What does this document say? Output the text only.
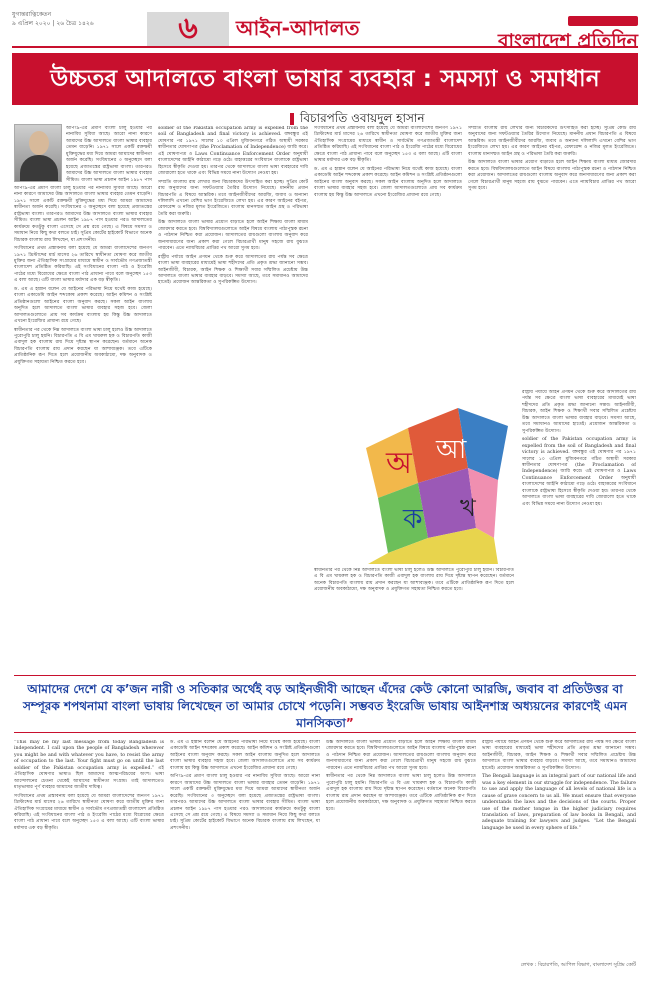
যুগান্তরাত্নিকেতন
৯ এপ্রিল ২০২০ | ২৬ চৈত্র ১৪২৬	৬	আইন-আদালত
বাংলাদেশ প্রতিদিন
উচ্চতর আদালতে বাংলা ভাষার ব্যবহার : সমস্যা ও সমাধান
বিচারপতি ওবায়দুল হাসান

অপিং৯-এর প্রমাণ বাংলা চালু হওয়ার পর নানাবিধ সুবিধা আছে। আরো নানা কারণে আমাদের উচ্চ আদালতে বাংলা ভাষার ব্যবহার তেমন বাড়েনি। ১৯৭১ সালে একটি রক্তক্ষয়ী মুক্তিযুদ্ধের মধ্য দিয়ে আমরা আমাদের স্বাধীনতা অর্জন করেছি। সংবিধানের ৩ অনুচ্ছেদে বলা হয়েছে প্রজাতন্ত্রের রাষ্ট্রভাষা বাংলা। তারপরও আমাদের উচ্চ আদালতে বাংলা ভাষার ব্যবহার সীমিত। বাংলা ভাষা প্রচলন আইন ১৯৮৭ পাস

অপিং৯-এর প্রমাণ বাংলা চালু হওয়ার পর নানাবিধ সুবিধা আছে। আরো নানা কারণে আমাদের উচ্চ আদালতে বাংলা ভাষার ব্যবহার তেমন বাড়েনি। ১৯৭১ সালে একটি রক্তক্ষয়ী মুক্তিযুদ্ধের মধ্য দিয়ে আমরা আমাদের স্বাধীনতা অর্জন করেছি। সংবিধানের ৩ অনুচ্ছেদে বলা হয়েছে প্রজাতন্ত্রের রাষ্ট্রভাষা বাংলা। তারপরও আমাদের উচ্চ আদালতে বাংলা ভাষার ব্যবহার সীমিত। বাংলা ভাষা প্রচলন আইন ১৯৮৭ পাস হওয়ার পরও আদালতের কার্যক্রমে কতটুকু বাংলা এসেছে সে প্রশ্ন রয়ে গেছে। এ বিষয়ে সমস্যা ও সমাধান নিয়ে কিছু কথা বলতে চাই। সুপ্রিম কোর্টের হাইকোর্ট বিভাগে অনেক বিচারক বাংলায় রায় লিখছেন, যা প্রশংসনীয়।

সংবিধানের প্রথম প্রস্তাবনায় বলা হয়েছে যে আমরা বাংলাদেশের জনগণ ১৯৭১ খ্রিস্টাব্দের মার্চ মাসের ২৬ তারিখে স্বাধীনতা ঘোষণা করে জাতীয় মুক্তির জন্য ঐতিহাসিক সংগ্রামের মাধ্যমে স্বাধীন ও সার্বভৌম গণপ্রজাতন্ত্রী বাংলাদেশ প্রতিষ্ঠিত করিয়াছি। এই সংবিধানের বাংলা পাঠ ও ইংরেজি পাঠের মধ্যে বিরোধের ক্ষেত্রে বাংলা পাঠ প্রাধান্য পাবে বলে অনুচ্ছেদ ১৫৩ এ বলা আছে। এটি বাংলা ভাষার মর্যাদার এক বড় স্বীকৃতি।

ড. এম এ হান্নান বলেন যে আইনের পরিভাষা নিয়ে যথেষ্ট কাজ হয়েছে। বাংলা একাডেমি আইন শব্দকোষ প্রকাশ করেছে। আইন কমিশন ও সংশ্লিষ্ট প্রতিষ্ঠানগুলো আইনের বাংলা অনুবাদ করছে। সকল আইন বাংলায় অনূদিত হলে আদালতে বাংলা ভাষার ব্যবহার সহজ হবে। জেলা আদালতগুলোতে প্রায় সব কার্যক্রম বাংলায় হয় কিন্তু উচ্চ আদালতে এখনো ইংরেজির প্রাধান্য রয়ে গেছে।

স্বাধীনতার পর থেকে নিম্ন আদালতে বাংলা ভাষা চালু হলেও উচ্চ আদালতে পুরোপুরি চালু হয়নি। বিচারপতি এ বি এম খায়রুল হক ও বিচারপতি কাজী এবাদুল হক বাংলায় রায় দিয়ে দৃষ্টান্ত স্থাপন করেছেন। বর্তমানে অনেক বিচারপতি বাংলায় রায় প্রদান করছেন যা আশাব্যঞ্জক। তবে এটিকে প্রাতিষ্ঠানিক রূপ দিতে হলে প্রয়োজনীয় অবকাঠামো, দক্ষ অনুবাদক ও প্রযুক্তিগত সহায়তা নিশ্চিত করতে হবে।

soldier of the Pakistan occupation army is expelled from the soil of Bangladesh and final victory is achieved. বঙ্গবন্ধুর এই ঘোষণার পর ১৯৭১ সালের ১০ এপ্রিল মুজিবনগরে গঠিত অস্থায়ী সরকার স্বাধীনতার ঘোষণাপত্র (the Proclamation of Independence) জারি করে। এই ঘোষণাপত্র ও Laws Continuance Enforcement Order অনুযায়ী বাংলাদেশের আইনি কাঠামো গড়ে ওঠে। বাহাত্তরের সংবিধানে বাংলাকে রাষ্ট্রভাষা হিসেবে স্বীকৃতি দেওয়া হয়। তারপর থেকে আদালতে বাংলা ভাষা ব্যবহারের দাবি জোরালো হতে থাকে এবং বিভিন্ন সময়ে নানা উদ্যোগ নেওয়া হয়।

সম্প্রতি বাংলায় রায় লেখার জন্য বিচারকদের উৎসাহিত করা হচ্ছে। সুপ্রিম কোর্ট রায় অনুবাদের জন্য সফটওয়্যার তৈরির উদ্যোগ নিয়েছে। মাননীয় প্রধান বিচারপতি এ বিষয়ে আন্তরিক। তবে আইনজীবীদের আরজি, জবাব ও অন্যান্য দলিলাদি এখনো বেশির ভাগ ইংরেজিতে লেখা হয়। এর কারণ আইনের বইপত্র, রেফারেন্স ও নজির মূলত ইংরেজিতে। বাংলায় মানসম্মত আইন গ্রন্থ ও পরিভাষা তৈরি করা জরুরি।

উচ্চ আদালতে বাংলা ভাষার প্রয়োগ বাড়াতে হলে আইন শিক্ষায় বাংলা মাধ্যম জোরদার করতে হবে। বিশ্ববিদ্যালয়গুলোতে আইন বিষয়ে বাংলায় পাঠ্যপুস্তক রচনা ও পাঠদান নিশ্চিত করা প্রয়োজন। আদালতের রায়গুলো বাংলায় অনুবাদ করে জনসাধারণের জন্য প্রকাশ করা গেলে বিচারপ্রার্থী মানুষ সহজে রায় বুঝতে পারবেন। এতে ন্যায়বিচার প্রাপ্তির পথ আরো সুগম হবে।

রাষ্ট্রীয় পর্যায়ে আইন প্রণয়ন থেকে শুরু করে আদালতের রায় পর্যন্ত সব ক্ষেত্রে বাংলা ভাষা ব্যবহারের মাধ্যমেই ভাষা শহীদদের প্রতি প্রকৃত শ্রদ্ধা জানানো সম্ভব। আইনজীবী, বিচারক, আইন শিক্ষক ও শিক্ষার্থী সবার সম্মিলিত প্রচেষ্টায় উচ্চ আদালতে বাংলা ভাষার ব্যবহার বাড়বে। সমস্যা আছে, তবে সমাধানও আমাদের হাতেই। প্রয়োজন আন্তরিকতা ও সুপরিকল্পিত উদ্যোগ।

সংবিধানের প্রথম প্রস্তাবনায় বলা হয়েছে যে আমরা বাংলাদেশের জনগণ ১৯৭১ খ্রিস্টাব্দের মার্চ মাসের ২৬ তারিখে স্বাধীনতা ঘোষণা করে জাতীয় মুক্তির জন্য ঐতিহাসিক সংগ্রামের মাধ্যমে স্বাধীন ও সার্বভৌম গণপ্রজাতন্ত্রী বাংলাদেশ প্রতিষ্ঠিত করিয়াছি। এই সংবিধানের বাংলা পাঠ ও ইংরেজি পাঠের মধ্যে বিরোধের ক্ষেত্রে বাংলা পাঠ প্রাধান্য পাবে বলে অনুচ্ছেদ ১৫৩ এ বলা আছে। এটি বাংলা ভাষার মর্যাদার এক বড় স্বীকৃতি।

ড. এম এ হান্নান বলেন যে আইনের পরিভাষা নিয়ে যথেষ্ট কাজ হয়েছে। বাংলা একাডেমি আইন শব্দকোষ প্রকাশ করেছে। আইন কমিশন ও সংশ্লিষ্ট প্রতিষ্ঠানগুলো আইনের বাংলা অনুবাদ করছে। সকল আইন বাংলায় অনূদিত হলে আদালতে বাংলা ভাষার ব্যবহার সহজ হবে। জেলা আদালতগুলোতে প্রায় সব কার্যক্রম বাংলায় হয় কিন্তু উচ্চ আদালতে এখনো ইংরেজির প্রাধান্য রয়ে গেছে।

সম্প্রতি বাংলায় রায় লেখার জন্য বিচারকদের উৎসাহিত করা হচ্ছে। সুপ্রিম কোর্ট রায় অনুবাদের জন্য সফটওয়্যার তৈরির উদ্যোগ নিয়েছে। মাননীয় প্রধান বিচারপতি এ বিষয়ে আন্তরিক। তবে আইনজীবীদের আরজি, জবাব ও অন্যান্য দলিলাদি এখনো বেশির ভাগ ইংরেজিতে লেখা হয়। এর কারণ আইনের বইপত্র, রেফারেন্স ও নজির মূলত ইংরেজিতে। বাংলায় মানসম্মত আইন গ্রন্থ ও পরিভাষা তৈরি করা জরুরি।

উচ্চ আদালতে বাংলা ভাষার প্রয়োগ বাড়াতে হলে আইন শিক্ষায় বাংলা মাধ্যম জোরদার করতে হবে। বিশ্ববিদ্যালয়গুলোতে আইন বিষয়ে বাংলায় পাঠ্যপুস্তক রচনা ও পাঠদান নিশ্চিত করা প্রয়োজন। আদালতের রায়গুলো বাংলায় অনুবাদ করে জনসাধারণের জন্য প্রকাশ করা গেলে বিচারপ্রার্থী মানুষ সহজে রায় বুঝতে পারবেন। এতে ন্যায়বিচার প্রাপ্তির পথ আরো সুগম হবে।

স্বাধীনতার পর থেকে নিম্ন আদালতে বাংলা ভাষা চালু হলেও উচ্চ আদালতে পুরোপুরি চালু হয়নি। বিচারপতি এ বি এম খায়রুল হক ও বিচারপতি কাজী এবাদুল হক বাংলায় রায় দিয়ে দৃষ্টান্ত স্থাপন করেছেন। বর্তমানে অনেক বিচারপতি বাংলায় রায় প্রদান করছেন যা আশাব্যঞ্জক। তবে এটিকে প্রাতিষ্ঠানিক রূপ দিতে হলে প্রয়োজনীয় অবকাঠামো, দক্ষ অনুবাদক ও প্রযুক্তিগত সহায়তা নিশ্চিত করতে হবে।

রাষ্ট্রীয় পর্যায়ে আইন প্রণয়ন থেকে শুরু করে আদালতের রায় পর্যন্ত সব ক্ষেত্রে বাংলা ভাষা ব্যবহারের মাধ্যমেই ভাষা শহীদদের প্রতি প্রকৃত শ্রদ্ধা জানানো সম্ভব। আইনজীবী, বিচারক, আইন শিক্ষক ও শিক্ষার্থী সবার সম্মিলিত প্রচেষ্টায় উচ্চ আদালতে বাংলা ভাষার ব্যবহার বাড়বে। সমস্যা আছে, তবে সমাধানও আমাদের হাতেই। প্রয়োজন আন্তরিকতা ও সুপরিকল্পিত উদ্যোগ।

soldier of the Pakistan occupation army is expelled from the soil of Bangladesh and final victory is achieved. বঙ্গবন্ধুর এই ঘোষণার পর ১৯৭১ সালের ১০ এপ্রিল মুজিবনগরে গঠিত অস্থায়ী সরকার স্বাধীনতার ঘোষণাপত্র (the Proclamation of Independence) জারি করে। এই ঘোষণাপত্র ও Laws Continuance Enforcement Order অনুযায়ী বাংলাদেশের আইনি কাঠামো গড়ে ওঠে। বাহাত্তরের সংবিধানে বাংলাকে রাষ্ট্রভাষা হিসেবে স্বীকৃতি দেওয়া হয়। তারপর থেকে আদালতে বাংলা ভাষা ব্যবহারের দাবি জোরালো হতে থাকে এবং বিভিন্ন সময়ে নানা উদ্যোগ নেওয়া হয়।

অ আ
ক খ
আমাদের দেশে যে ক’জন নারী ও সতিকার অর্থেই বড় আইনজীবী আছেন এঁদের কেউ কোনো আরজি, জবাব বা প্রতিউত্তর বা সম্পূরক শপথনামা বাংলা ভাষায় লিখেছেন তা আমার চোখে পড়েনি। সম্ভবত ইংরেজি ভাষায় আইনশাস্ত্র অধ্যয়নের কারণেই এমন মানসিকতা”

“This may be my last message from today Bangladesh is independent. I call upon the people of Bangladesh wherever you might be and with whatever you have, to resist the army of occupation to the last. Your fight must go on until the last soldier of the Pakistan occupation army is expelled.” এই ঐতিহাসিক ঘোষণার ভাষাও ছিল আমাদের আত্মপরিচয়ের অংশ। ভাষা আন্দোলনের চেতনা থেকেই আমাদের স্বাধীনতা সংগ্রাম। তাই আদালতেও মাতৃভাষার পূর্ণ ব্যবহার আমাদের জাতীয় দায়িত্ব।

সংবিধানের প্রথম প্রস্তাবনায় বলা হয়েছে যে আমরা বাংলাদেশের জনগণ ১৯৭১ খ্রিস্টাব্দের মার্চ মাসের ২৬ তারিখে স্বাধীনতা ঘোষণা করে জাতীয় মুক্তির জন্য ঐতিহাসিক সংগ্রামের মাধ্যমে স্বাধীন ও সার্বভৌম গণপ্রজাতন্ত্রী বাংলাদেশ প্রতিষ্ঠিত করিয়াছি। এই সংবিধানের বাংলা পাঠ ও ইংরেজি পাঠের মধ্যে বিরোধের ক্ষেত্রে বাংলা পাঠ প্রাধান্য পাবে বলে অনুচ্ছেদ ১৫৩ এ বলা আছে। এটি বাংলা ভাষার মর্যাদার এক বড় স্বীকৃতি।

ড. এম এ হান্নান বলেন যে আইনের পরিভাষা নিয়ে যথেষ্ট কাজ হয়েছে। বাংলা একাডেমি আইন শব্দকোষ প্রকাশ করেছে। আইন কমিশন ও সংশ্লিষ্ট প্রতিষ্ঠানগুলো আইনের বাংলা অনুবাদ করছে। সকল আইন বাংলায় অনূদিত হলে আদালতে বাংলা ভাষার ব্যবহার সহজ হবে। জেলা আদালতগুলোতে প্রায় সব কার্যক্রম বাংলায় হয় কিন্তু উচ্চ আদালতে এখনো ইংরেজির প্রাধান্য রয়ে গেছে।

অপিং৯-এর প্রমাণ বাংলা চালু হওয়ার পর নানাবিধ সুবিধা আছে। আরো নানা কারণে আমাদের উচ্চ আদালতে বাংলা ভাষার ব্যবহার তেমন বাড়েনি। ১৯৭১ সালে একটি রক্তক্ষয়ী মুক্তিযুদ্ধের মধ্য দিয়ে আমরা আমাদের স্বাধীনতা অর্জন করেছি। সংবিধানের ৩ অনুচ্ছেদে বলা হয়েছে প্রজাতন্ত্রের রাষ্ট্রভাষা বাংলা। তারপরও আমাদের উচ্চ আদালতে বাংলা ভাষার ব্যবহার সীমিত। বাংলা ভাষা প্রচলন আইন ১৯৮৭ পাস হওয়ার পরও আদালতের কার্যক্রমে কতটুকু বাংলা এসেছে সে প্রশ্ন রয়ে গেছে। এ বিষয়ে সমস্যা ও সমাধান নিয়ে কিছু কথা বলতে চাই। সুপ্রিম কোর্টের হাইকোর্ট বিভাগে অনেক বিচারক বাংলায় রায় লিখছেন, যা প্রশংসনীয়।

উচ্চ আদালতে বাংলা ভাষার প্রয়োগ বাড়াতে হলে আইন শিক্ষায় বাংলা মাধ্যম জোরদার করতে হবে। বিশ্ববিদ্যালয়গুলোতে আইন বিষয়ে বাংলায় পাঠ্যপুস্তক রচনা ও পাঠদান নিশ্চিত করা প্রয়োজন। আদালতের রায়গুলো বাংলায় অনুবাদ করে জনসাধারণের জন্য প্রকাশ করা গেলে বিচারপ্রার্থী মানুষ সহজে রায় বুঝতে পারবেন। এতে ন্যায়বিচার প্রাপ্তির পথ আরো সুগম হবে।

স্বাধীনতার পর থেকে নিম্ন আদালতে বাংলা ভাষা চালু হলেও উচ্চ আদালতে পুরোপুরি চালু হয়নি। বিচারপতি এ বি এম খায়রুল হক ও বিচারপতি কাজী এবাদুল হক বাংলায় রায় দিয়ে দৃষ্টান্ত স্থাপন করেছেন। বর্তমানে অনেক বিচারপতি বাংলায় রায় প্রদান করছেন যা আশাব্যঞ্জক। তবে এটিকে প্রাতিষ্ঠানিক রূপ দিতে হলে প্রয়োজনীয় অবকাঠামো, দক্ষ অনুবাদক ও প্রযুক্তিগত সহায়তা নিশ্চিত করতে হবে।

রাষ্ট্রীয় পর্যায়ে আইন প্রণয়ন থেকে শুরু করে আদালতের রায় পর্যন্ত সব ক্ষেত্রে বাংলা ভাষা ব্যবহারের মাধ্যমেই ভাষা শহীদদের প্রতি প্রকৃত শ্রদ্ধা জানানো সম্ভব। আইনজীবী, বিচারক, আইন শিক্ষক ও শিক্ষার্থী সবার সম্মিলিত প্রচেষ্টায় উচ্চ আদালতে বাংলা ভাষার ব্যবহার বাড়বে। সমস্যা আছে, তবে সমাধানও আমাদের হাতেই। প্রয়োজন আন্তরিকতা ও সুপরিকল্পিত উদ্যোগ।

The Bengali language is an integral part of our national life and was a key element in our struggle for independence. The failure to use and apply the language of all levels of national life is a cause of grave concern to us all. We must ensure that everyone understands the laws and the decisions of the courts. Proper use of the mother tongue in the higher judiciary requires translation of laws, preparation of law books in Bengali, and adequate training for lawyers and judges. “Let the Bengali language be used in every sphere of life.”

লেখক : বিচারপতি, আপিল বিভাগ, বাংলাদেশ সুপ্রিম কোর্ট
